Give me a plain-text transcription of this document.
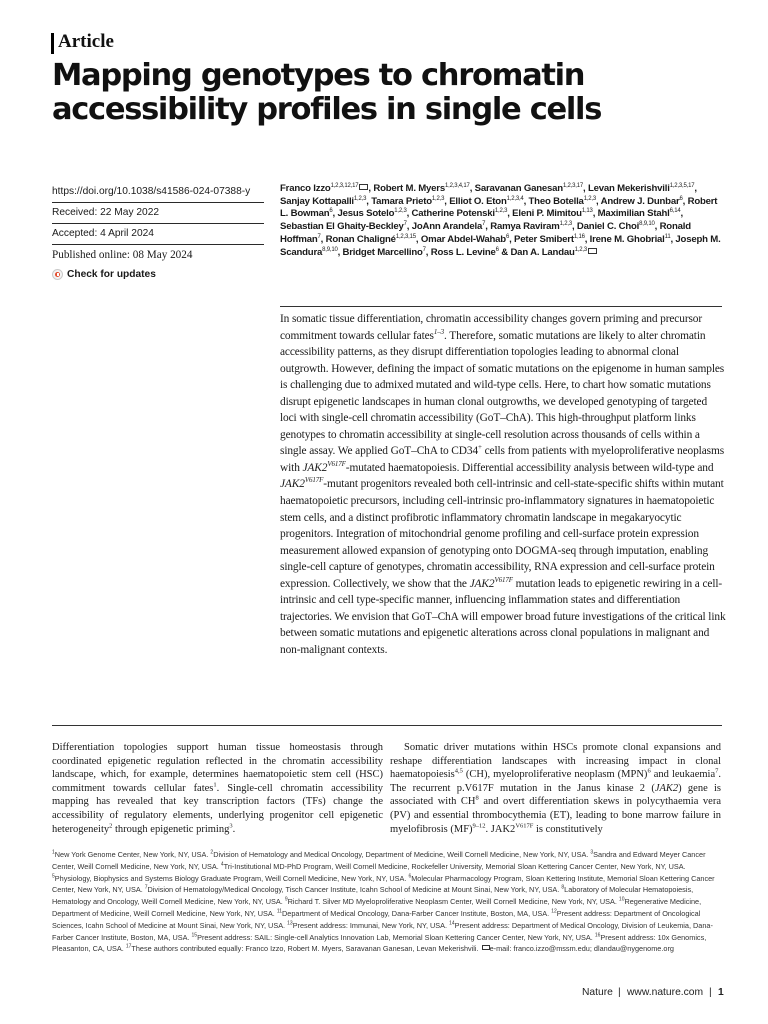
Article
Mapping genotypes to chromatin
accessibility profiles in single cells
https://doi.org/10.1038/s41586-024-07388-y
Received: 22 May 2022
Accepted: 4 April 2024
Published online: 08 May 2024
Check for updates
Franco Izzo$^{1,2,3,12,17}$ , Robert M. Myers$^{1,2,3,4,17}$, Saravanan Ganesan$^{1,2,3,17}$, Levan Mekerishvili$^{1,2,3,5,17}$, Sanjay Kottapalli$^{1,2,3}$, Tamara Prieto$^{1,2,3}$, Elliot O. Eton$^{1,2,3,4}$, Theo Botella$^{1,2,3}$, Andrew J. Dunbar$^6$, Robert L. Bowman$^6$, Jesus Sotelo$^{1,2,3}$, Catherine Potenski$^{1,2,3}$, Eleni P. Mimitou$^{1,13}$, Maximilian Stahl$^{6,14}$, Sebastian El Ghaity-Beckley$^7$, JoAnn Arandela$^7$, Ramya Raviram$^{1,2,3}$, Daniel C. Choi$^{8,9,10}$, Ronald Hoffman$^7$, Ronan Chaligné$^{1,2,3,15}$, Omar Abdel-Wahab$^6$, Peter Smibert$^{1,16}$, Irene M. Ghobrial$^{11}$, Joseph M. Scandura$^{8,9,10}$, Bridget Marcellino$^7$, Ross L. Levine$^6$ & Dan A. Landau$^{1,2,3}$

In somatic tissue differentiation, chromatin accessibility changes govern priming and precursor commitment towards cellular fates$^{1-3}$. Therefore, somatic mutations are likely to alter chromatin accessibility patterns, as they disrupt differentiation topologies leading to abnormal clonal outgrowth. However, defining the impact of somatic mutations on the epigenome in human samples is challenging due to admixed mutated and wild-type cells. Here, to chart how somatic mutations disrupt epigenetic landscapes in human clonal outgrowths, we developed genotyping of targeted loci with single-cell chromatin accessibility (GoT–ChA). This high-throughput platform links genotypes to chromatin accessibility at single-cell resolution across thousands of cells within a single assay. We applied GoT–ChA to CD34+ cells from patients with myeloproliferative neoplasms with $JAK2^{V617F}$-mutated haematopoiesis. Differential accessibility analysis between wild-type and $JAK2^{V617F}$-mutant progenitors revealed both cell-intrinsic and cell-state-specific shifts within mutant haematopoietic precursors, including cell-intrinsic pro-inflammatory signatures in haematopoietic stem cells, and a distinct profibrotic inflammatory chromatin landscape in megakaryocytic progenitors. Integration of mitochondrial genome profiling and cell-surface protein expression measurement allowed expansion of genotyping onto DOGMA-seq through imputation, enabling single-cell capture of genotypes, chromatin accessibility, RNA expression and cell-surface protein expression. Collectively, we show that the $JAK2^{V617F}$ mutation leads to epigenetic rewiring in a cell-intrinsic and cell type-specific manner, influencing inflammation states and differentiation trajectories. We envision that GoT–ChA will empower broad future investigations of the critical link between somatic mutations and epigenetic alterations across clonal populations in malignant and non-malignant contexts.

Differentiation topologies support human tissue homeostasis through coordinated epigenetic regulation reflected in the chromatin accessibility landscape, which, for example, determines haematopoietic stem cell (HSC) commitment towards cellular fates$^1$. Single-cell chromatin accessibility mapping has revealed that key transcription factors (TFs) change the accessibility of regulatory elements, underlying progenitor cell epigenetic heterogeneity$^2$ through epigenetic priming$^3$.

Somatic driver mutations within HSCs promote clonal expansions and reshape differentiation landscapes with increasing impact in clonal haematopoiesis$^{4,5}$ (CH), myeloproliferative neoplasm (MPN)$^6$ and leukaemia$^7$. The recurrent p.V617F mutation in the Janus kinase 2 (JAK2) gene is associated with $CH^8$ and overt differentiation skews in polycythaemia vera (PV) and essential thrombocythemia (ET), leading to bone marrow failure in myelofibrosis (MF)$^{9-12}$. $JAK2^{V617F}$ is constitutively

$^1$New York Genome Center, New York, NY, USA. $^2$Division of Hematology and Medical Oncology, Department of Medicine, Weill Cornell Medicine, New York, NY, USA. $^3$Sandra and Edward Meyer Cancer Center, Weill Cornell Medicine, New York, NY, USA. $^4$Tri-Institutional MD-PhD Program, Weill Cornell Medicine, Rockefeller University, Memorial Sloan Kettering Cancer Center, New York, NY, USA. $^5$Physiology, Biophysics and Systems Biology Graduate Program, Weill Cornell Medicine, New York, NY, USA. $^6$Molecular Pharmacology Program, Sloan Kettering Institute, Memorial Sloan Kettering Cancer Center, New York, NY, USA. $^7$Division of Hematology/Medical Oncology, Tisch Cancer Institute, Icahn School of Medicine at Mount Sinai, New York, NY, USA. $^8$Laboratory of Molecular Hematopoiesis, Hematology and Oncology, Weill Cornell Medicine, New York, NY, USA. $^9$Richard T. Silver MD Myeloproliferative Neoplasm Center, Weill Cornell Medicine, New York, NY, USA. $^{10}$Regenerative Medicine, Department of Medicine, Weill Cornell Medicine, New York, NY, USA. $^{11}$Department of Medical Oncology, Dana-Farber Cancer Institute, Boston, MA, USA. $^{12}$Present address: Department of Oncological Sciences, Icahn School of Medicine at Mount Sinai, New York, NY, USA. $^{13}$Present address: Immunai, New York, NY, USA. $^{14}$Present address: Department of Medical Oncology, Division of Leukemia, Dana-Farber Cancer Institute, Boston, MA, USA. $^{15}$Present address: SAIL: Single-cell Analytics Innovation Lab, Memorial Sloan Kettering Cancer Center, New York, NY, USA. $^{16}$Present address: 10x Genomics, Pleasanton, CA, USA. $^{17}$These authors contributed equally: Franco Izzo, Robert M. Myers, Saravanan Ganesan, Levan Mekerishvili. e-mail: franco.izzo@mssm.edu; dlandau@nygenome.org
Nature | www.nature.com | 1
